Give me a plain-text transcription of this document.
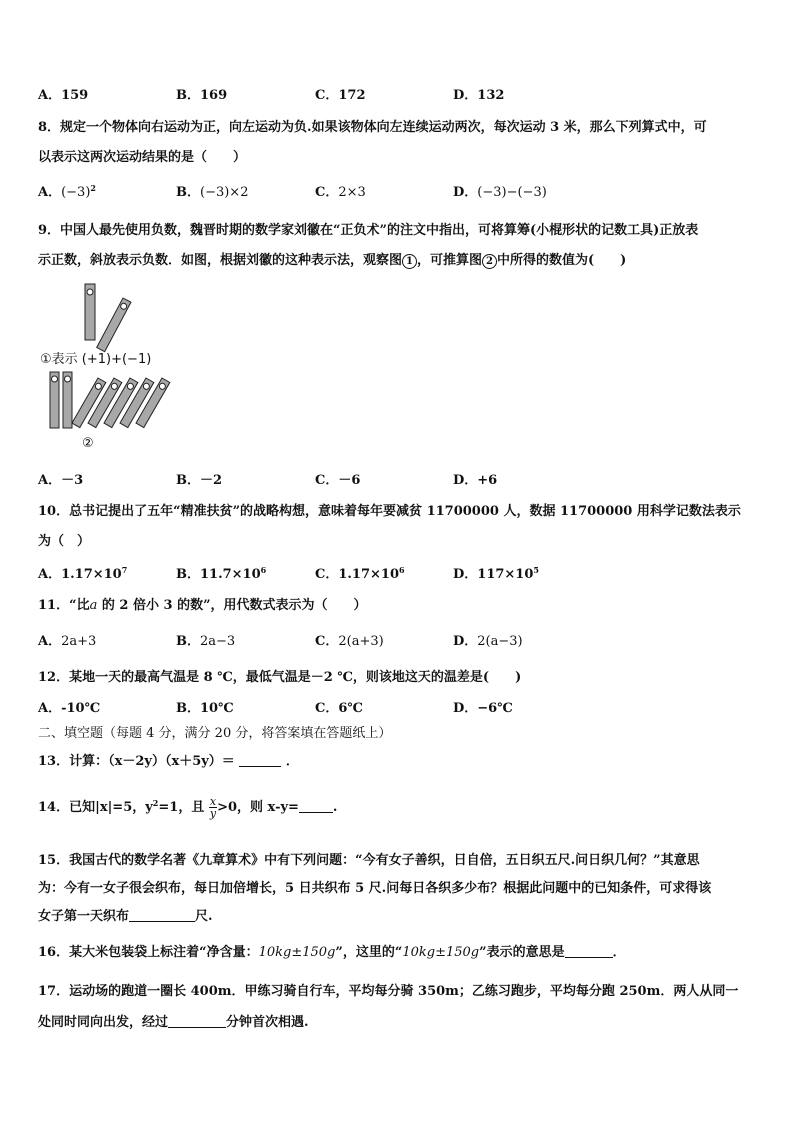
A．159	B．169	C．172	D．132
8．规定一个物体向右运动为正，向左运动为负.如果该物体向左连续运动两次，每次运动 3 米，那么下列算式中，可
以表示这两次运动结果的是（　　）
A．$(-3)^2$	B．(−3)×2	C．2×3	D．(−3)−(−3)
9．中国人最先使用负数，魏晋时期的数学家刘徽在“正负术”的注文中指出，可将算筹(小棍形状的记数工具)正放表
示正数，斜放表示负数．如图，根据刘徽的这种表示法，观察图 1 ，可推算图 2 中所得的数值为(　　)
①表示 (+1)+(−1)
②
A．－3	B．－2	C．－6	D．+6
10．总书记提出了五年“精准扶贫”的战略构想，意味着每年要减贫 11700000 人，数据 11700000 用科学记数法表示
为（　）
A．$1.17\times 10^7$	B．$11.7\times 10^6$	C．$1.17\times 10^6$	D．$117\times 10^5$
11．“比a 的 2 倍小 3 的数”，用代数式表示为（　　）
A．2a+3	B．2a−3	C．2(a+3)	D．2(a−3)
12．某地一天的最高气温是 8 ℃，最低气温是－2 ℃，则该地这天的温差是(　　)
A．-10℃	B．10℃	C．6℃	D．−6℃
二、填空题（每题 4 分，满分 20 分，将答案填在答题纸上）
13．计算：（x－2y）（x＋5y）＝	．
14．已知|x|=5，$y^2=1$，且 $\frac{x}{y} >0$，则 x-y=	.
15．我国古代的数学名著《九章算术》中有下列问题：“今有女子善织，日自倍，五日织五尺.问日织几何？”其意思
为：今有一女子很会织布，每日加倍增长，5 日共织布 5 尺.问每日各织多少布？根据此问题中的已知条件，可求得该
女子第一天织布	尺.
16．某大米包装袋上标注着“净含量：10kg±150g”，这里的“10kg±150g”表示的意思是	．
17．运动场的跑道一圈长 400m．甲练习骑自行车，平均每分骑 350m；乙练习跑步，平均每分跑 250m．两人从同一
处同时同向出发，经过	分钟首次相遇.
